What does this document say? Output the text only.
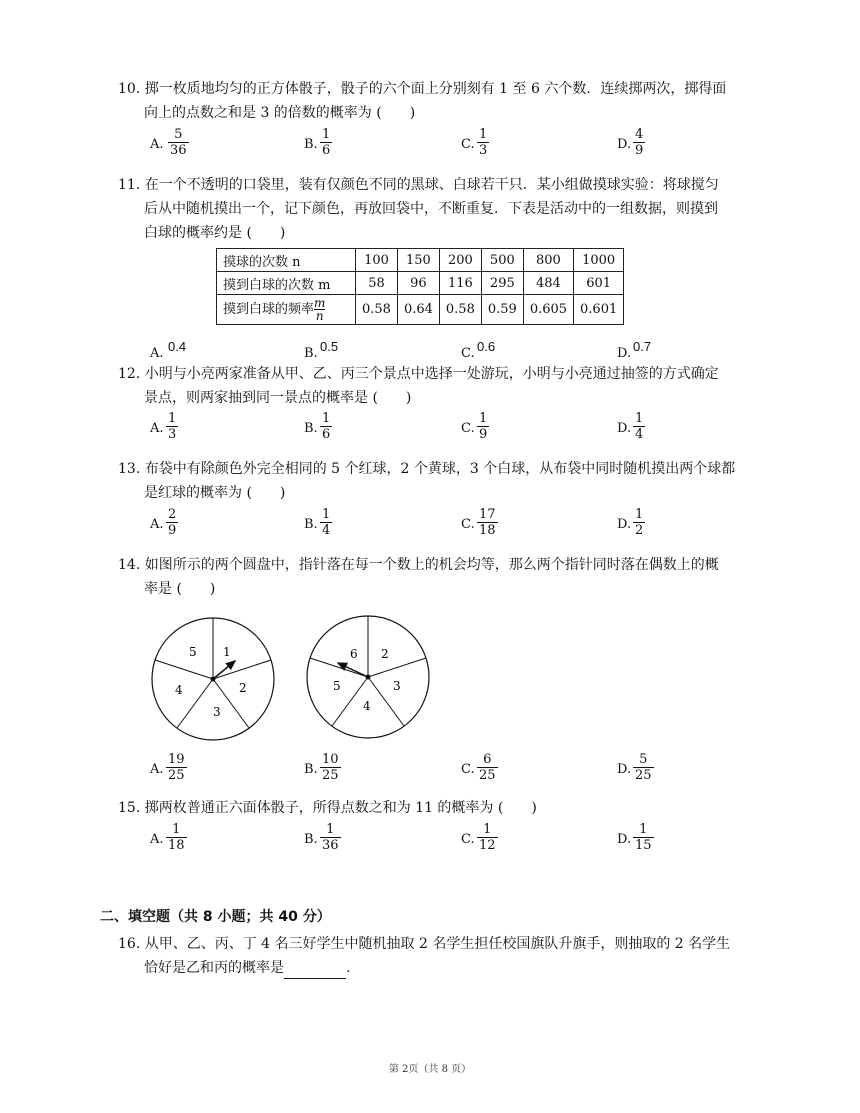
10. 掷一枚质地均匀的正方体骰子，骰子的六个面上分别刻有 1 至 6 六个数．连续掷两次，掷得面
向上的点数之和是 3 的倍数的概率为 (　　)
A. $\frac{5}{36}$	B. $\frac{1}{6}$	C. $\frac{1}{3}$	D. $\frac{4}{9}$
11. 在一个不透明的口袋里，装有仅颜色不同的黑球、白球若干只．某小组做摸球实验：将球搅匀
后从中随机摸出一个，记下颜色，再放回袋中，不断重复．下表是活动中的一组数据，则摸到
白球的概率约是 (　　)
摸球的次数 n	100	150	200	500	800	1000
摸到白球的次数 m	58	96	116	295	484	601
摸到白球的频率 $\frac{m}{n}$	0.58	0.64	0.58	0.59	0.605	0.601
A. 0.4	B. 0.5	C. 0.6	D. 0.7
12. 小明与小亮两家准备从甲、乙、丙三个景点中选择一处游玩，小明与小亮通过抽签的方式确定
景点，则两家抽到同一景点的概率是 (　　)
A. $\frac{1}{3}$	B. $\frac{1}{6}$	C. $\frac{1}{9}$	D. $\frac{1}{4}$
13. 布袋中有除颜色外完全相同的 5 个红球，2 个黄球，3 个白球，从布袋中同时随机摸出两个球都
是红球的概率为 (　　)
A. $\frac{2}{9}$	B. $\frac{1}{4}$	C. $\frac{17}{18}$	D. $\frac{1}{2}$
14. 如图所示的两个圆盘中，指针落在每一个数上的机会均等，那么两个指针同时落在偶数上的概
率是 (　　)
1
2
3
4
5	2
3
4
5
6
A. $\frac{19}{25}$	B. $\frac{10}{25}$	C. $\frac{6}{25}$	D. $\frac{5}{25}$
15. 掷两枚普通正六面体骰子，所得点数之和为 11 的概率为 (　　)
A. $\frac{1}{18}$	B. $\frac{1}{36}$	C. $\frac{1}{12}$	D. $\frac{1}{15}$
二、填空题（共 8 小题；共 40 分）
16. 从甲、乙、丙、丁 4 名三好学生中随机抽取 2 名学生担任校国旗队升旗手，则抽取的 2 名学生
恰好是乙和丙的概率是	.
第 2页（共 8 页）
